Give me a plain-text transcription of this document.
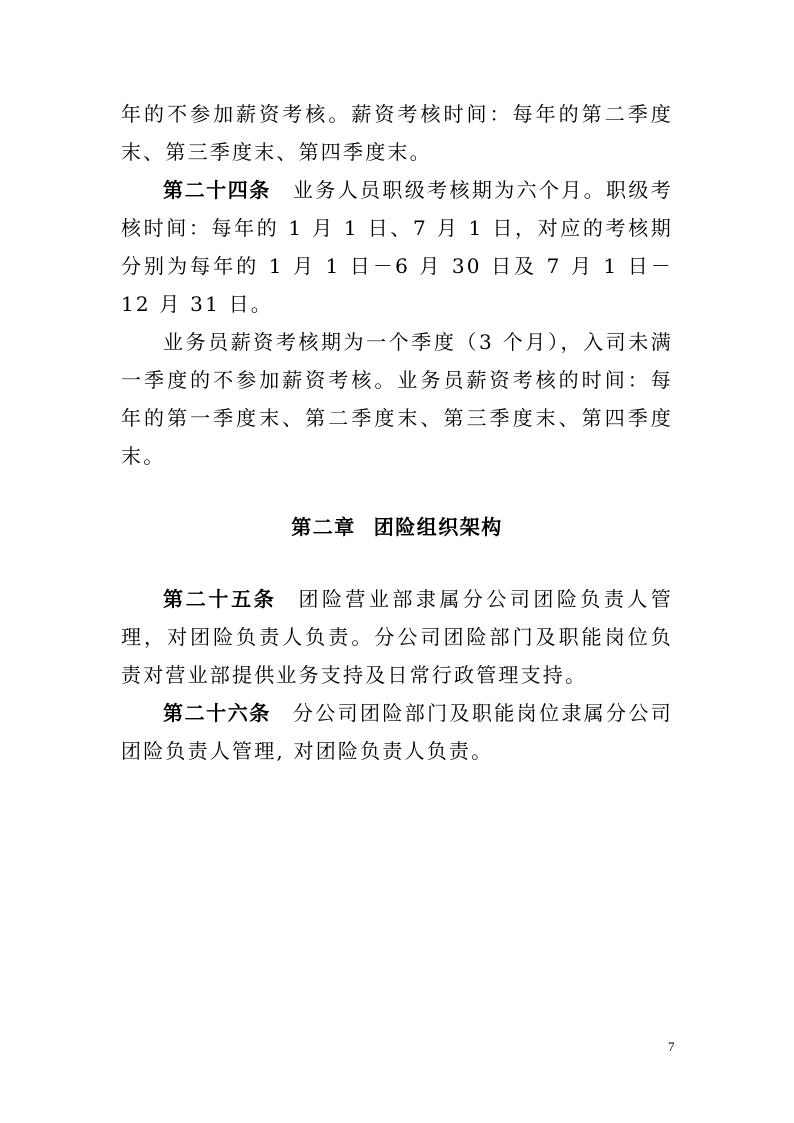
年的不参加薪资考核。薪资考核时间：每年的第二季度末、第三季度末、第四季度末。

第二十四条 业务人员职级考核期为六个月。职级考核时间：每年的 1 月 1 日、7 月 1 日，对应的考核期分别为每年的 1 月 1 日－6 月 30 日及 7 月 1 日－12 月 31 日。

业务员薪资考核期为一个季度（3 个月），入司未满一季度的不参加薪资考核。业务员薪资考核的时间：每年的第一季度末、第二季度末、第三季度末、第四季度末。

第二章 团险组织架构

第二十五条 团险营业部隶属分公司团险负责人管理，对团险负责人负责。分公司团险部门及职能岗位负责对营业部提供业务支持及日常行政管理支持。

第二十六条 分公司团险部门及职能岗位隶属分公司团险负责人管理, 对团险负责人负责。

7
